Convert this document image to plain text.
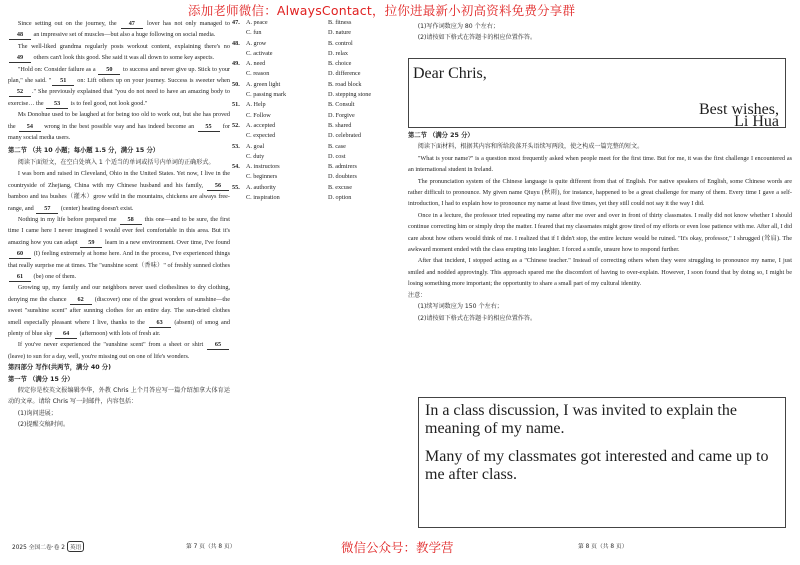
添加老师微信：AlwaysContact，拉你进最新小初高资料免费分享群

Since setting out on the journey, the 47 lover has not only managed to 48 an impressive set of muscles—but also a huge following on social media.

The well-liked grandma regularly posts workout content, explaining there's no 49 others can't look this good. She said it was all down to some key aspects.

"Hold on: Consider failure as a 50 to success and never give up. Stick to your plan," she said. " 51 on: Lift others up on your journey. Success is sweeter when 52 ." She previously explained that "you do not need to have an amazing body to exercise… the 53 is to feel good, not look good."

Ms Donohue used to be laughed at for being too old to work out, but she has proved the 54 wrong in the best possible way and has indeed become an 55 for many social media users.

第二节 （共 10 小题；每小题 1.5 分，满分 15 分）

阅读下面短文，在空白处填入 1 个适当的单词或括号内单词的正确形式。

I was born and raised in Cleveland, Ohio in the United States. Yet now, I live in the countryside of Zhejiang, China with my Chinese husband and his family, 56 bamboo and tea bushes（灌木）grow wild in the mountains, chickens are always free-range, and 57 (center) heating doesn't exist.

Nothing in my life before prepared me 58 this one—and to be sure, the first time I came here I never imagined I would ever feel comfortable in this area. But it's amazing how you can adapt 59 learn in a new environment. Over time, I've found 60 (I) feeling extremely at home here. And in the process, I've experienced things that really surprise me at times. The "sunshine scent（香味）" of freshly sunned clothes 61 (be) one of them.

Growing up, my family and our neighbors never used clotheslines to dry clothing, denying me the chance 62 (discover) one of the great wonders of sunshine—the sweet "sunshine scent" after sunning clothes for an entire day. The sun-dried clothes smell especially pleasant where I live, thanks to the 63 (absent) of smog and plenty of blue sky 64 (afternoon) with lots of fresh air.

If you've never experienced the "sunshine scent" from a sheet or shirt 65 (leave) to sun for a day, well, you're missing out on one of life's wonders.

第四部分 写作(共两节，满分 40 分)
第一节 （满分 15 分）

假定你是校英文报编辑李华，外教 Chris 上个月答应写一篇介绍加拿大体育运动的文章。请给 Chris 写一封邮件，内容包括：

(1)询问进展；

(2)提醒交稿时间。

47.	A. peace	B. fitness
C. fun	D. nature
48.	A. grow	B. control
C. activate	D. relax
49.	A. need	B. choice
C. reason	D. difference
50.	A. green light	B. road block
C. passing mark	D. stepping stone
51.	A. Help	B. Consult
C. Follow	D. Forgive
52.	A. accepted	B. shared
C. expected	D. celebrated
53.	A. goal	B. case
C. duty	D. cost
54.	A. instructors	B. admirers
C. beginners	D. doubters
55.	A. authority	B. excuse
C. inspiration	D. option

(1)写作词数应为 80 个左右；

(2)请按如下格式在答题卡的相应位置作答。

Dear Chris,
Best wishes,
Li Hua
第二节 （满分 25 分）

阅读下面材料，根据其内容和所给段落开头语续写两段，使之构成一篇完整的短文。

"What is your name?" is a question most frequently asked when people meet for the first time. But for me, it was the first challenge I encountered as an international student in Ireland.

The pronunciation system of the Chinese language is quite different from that of English. For native speakers of English, some Chinese words are rather difficult to pronounce. My given name Qiuyu (秋雨), for instance, happened to be a great challenge for many of them. Every time I gave a self-introduction, I had to explain how to pronounce my name at least five times, yet they still could not say it the way I did.

Once in a lecture, the professor tried repeating my name after me over and over in front of thirty classmates. I really did not know whether I should continue correcting him or simply drop the matter. I feared that my classmates might grow tired of my efforts or even lose patience with me. After all, I did care about how others would think of me. I realized that if I didn't stop, the entire lecture would be ruined. "It's okay, professor," I shrugged (耸肩). The awkward moment ended with the class erupting into laughter. I forced a smile, unsure how to respond further.

After that incident, I stopped acting as a "Chinese teacher." Instead of correcting others when they were struggling to pronounce my name, I just smiled and nodded approvingly. This approach spared me the discomfort of having to over-explain. However, I soon found that by doing so, I might be losing something more important; the opportunity to share a small part of my cultural identity.

注意：

(1)续写词数应为 150 个左右；

(2)请按如下格式在答题卡的相应位置作答。

In a class discussion, I was invited to explain the meaning of my name.
Many of my classmates got interested and came up to me after class.
2025 全国二卷·卷 2 英语	第 7 页（共 8 页）	第 8 页（共 8 页）
微信公众号：教学营
